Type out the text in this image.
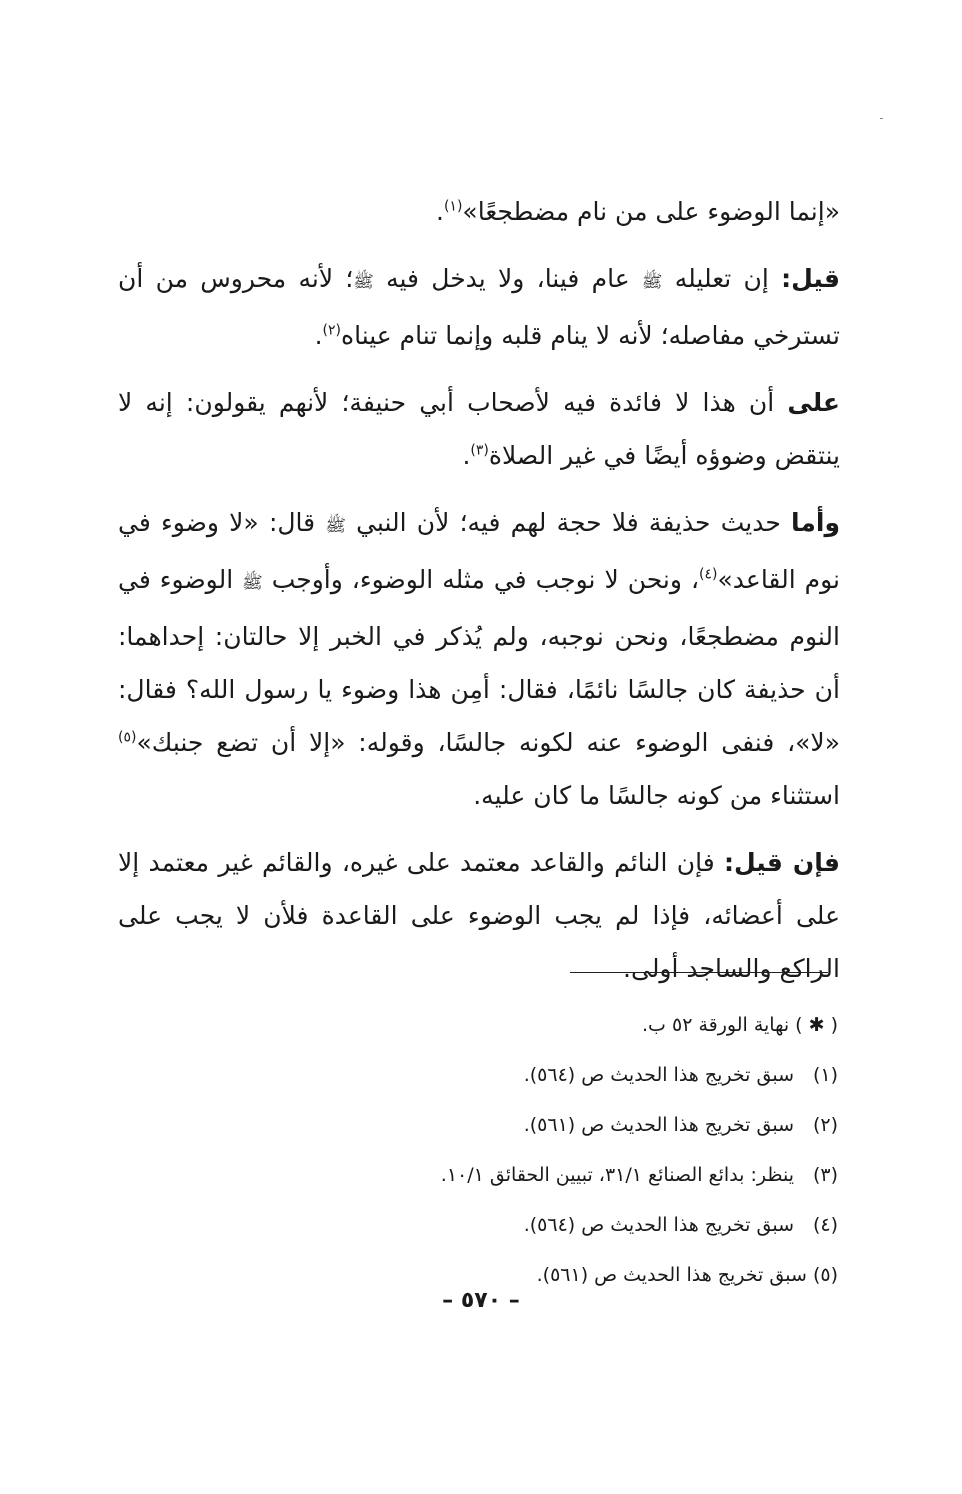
«إنما الوضوء على من نام مضطجعًا»$^{(١)}$.

قيل: إن تعليله ﷺ عام فينا، ولا يدخل فيه ﷺ؛ لأنه محروس من أن تسترخي مفاصله؛ لأنه لا ينام قلبه وإنما تنام عيناه$^{(٢)}$.

على أن هذا لا فائدة فيه لأصحاب أبي حنيفة؛ لأنهم يقولون: إنه لا ينتقض وضوؤه أيضًا في غير الصلاة$^{(٣)}$.

وأما حديث حذيفة فلا حجة لهم فيه؛ لأن النبي ﷺ قال: «لا وضوء في نوم القاعد»$^{(٤)}$، ونحن لا نوجب في مثله الوضوء، وأوجب ﷺ الوضوء في النوم مضطجعًا، ونحن نوجبه، ولم يُذكر في الخبر إلا حالتان: إحداهما: أن حذيفة كان جالسًا نائمًا، فقال: أمِن هذا وضوء يا رسول الله؟ فقال: «لا»، فنفى الوضوء عنه لكونه جالسًا، وقوله: «إلا أن تضع جنبك»$^{(٥)}$ استثناء من كونه جالسًا ما كان عليه.

فإن قيل: فإن النائم والقاعد معتمد على غيره، والقائم غير معتمد إلا على أعضائه، فإذا لم يجب الوضوء على القاعدة فلأن لا يجب على الراكع والساجد أولى.

( ✱ ) نهاية الورقة ٥٢ ب.
(١)سبق تخريج هذا الحديث ص (٥٦٤).
(٢)سبق تخريج هذا الحديث ص (٥٦١).
(٣)ينظر: بدائع الصنائع ٣١/١، تبيين الحقائق ١٠/١.
(٤)سبق تخريج هذا الحديث ص (٥٦٤).
(٥) سبق تخريج هذا الحديث ص (٥٦١).
– ٥٧٠ –
